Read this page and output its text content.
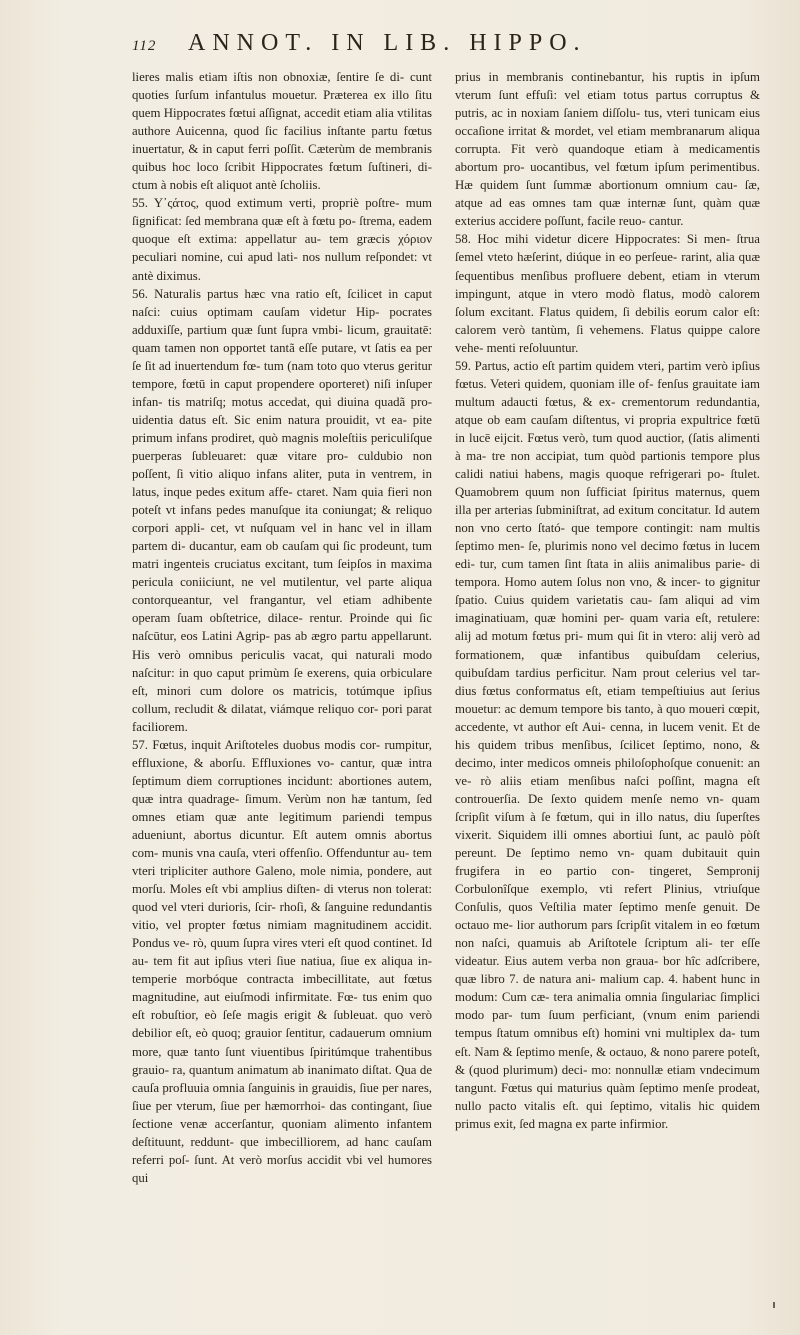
112 ANNOT. IN LIB. HIPPO.

lieres malis etiam iſtis non obnoxiæ, ſentire ſe di- cunt quoties ſurſum infantulus mouetur. Præterea ex illo ſitu quem Hippocrates fœtui aſſignat, accedit etiam alia vtilitas authore Auicenna, quod ſic facilius inſtante partu fœtus inuertatur, & in caput ferri poſſit. Cæterùm de membranis quibus hoc loco ſcribit Hippocrates fœtum ſuſtineri, di- ctum à nobis eſt aliquot antè ſcholiis.

55. Υ᾽ςάτος, quod extimum verti, propriè poſtre- mum ſignificat: ſed membrana quæ eſt à fœtu po- ſtrema, eadem quoque eſt extima: appellatur au- tem græcis χόριον peculiari nomine, cui apud lati- nos nullum reſpondet: vt antè diximus.

56. Naturalis partus hæc vna ratio eſt, ſcilicet in caput naſci: cuius optimam cauſam videtur Hip- pocrates adduxiſſe, partium quæ ſunt ſupra vmbi- licum, grauitatē: quam tamen non opportet tantã eſſe putare, vt ſatis ea per ſe ſit ad inuertendum fœ- tum (nam toto quo vterus geritur tempore, fœtū in caput propendere oporteret) niſi inſuper infan- tis matriſq; motus accedat, qui diuina quadã pro- uidentia datus eſt. Sic enim natura prouidit, vt ea- pite primum infans prodiret, quò magnis moleſtiis periculiſque puerperas ſubleuaret: quæ vitare pro- culdubio non poſſent, ſi vitio aliquo infans aliter, puta in ventrem, in latus, inque pedes exitum affe- ctaret. Nam quia fieri non poteſt vt infans pedes manuſque ita coniungat; & reliquo corpori appli- cet, vt nuſquam vel in hanc vel in illam partem di- ducantur, eam ob cauſam qui ſic prodeunt, tum matri ingenteis cruciatus excitant, tum ſeipſos in maxima pericula coniiciunt, ne vel mutilentur, vel parte aliqua contorqueantur, vel frangantur, vel etiam adhibente operam ſuam obſtetrice, dilace- rentur. Proinde qui ſic naſcūtur, eos Latini Agrip- pas ab ægro partu appellarunt. His verò omnibus periculis vacat, qui naturali modo naſcitur: in quo caput primùm ſe exerens, quia orbiculare eſt, minori cum dolore os matricis, totúmque ipſius collum, recludit & dilatat, viámque reliquo cor- pori parat faciliorem.

57. Fœtus, inquit Ariſtoteles duobus modis cor- rumpitur, effluxione, & aborſu. Effluxiones vo- cantur, quæ intra ſeptimum diem corruptiones incidunt: abortiones autem, quæ intra quadrage- ſimum. Verùm non hæ tantum, ſed omnes etiam quæ ante legitimum pariendi tempus adueniunt, abortus dicuntur. Eſt autem omnis abortus com- munis vna cauſa, vteri offenſio. Offenduntur au- tem vteri tripliciter authore Galeno, mole nimia, pondere, aut morſu. Moles eſt vbi amplius diſten- di vterus non tolerat: quod vel vteri durioris, ſcir- rhoſi, & ſanguine redundantis vitio, vel propter fœtus nimiam magnitudinem accidit. Pondus ve- rò, quum ſupra vires vteri eſt quod continet. Id au- tem fit aut ipſius vteri ſiue natiua, ſiue ex aliqua in- temperie morbóque contracta imbecillitate, aut fœtus magnitudine, aut eiuſmodi infirmitate. Fœ- tus enim quo eſt robuſtior, eò ſeſe magis erigit & ſubleuat. quo verò debilior eſt, eò quoq; grauior ſentitur, cadauerum omnium more, quæ tanto ſunt viuentibus ſpiritúmque trahentibus grauio- ra, quantum animatum ab inanimato diſtat. Qua de cauſa profluuia omnia ſanguinis in grauidis, ſiue per nares, ſiue per vterum, ſiue per hæmorrhoi- das contingant, ſiue ſectione venæ accerſantur, quoniam alimento infantem deſtituunt, reddunt- que imbecilliorem, ad hanc cauſam referri poſ- ſunt. At verò morſus accidit vbi vel humores qui

prius in membranis continebantur, his ruptis in ipſum vterum ſunt effuſi: vel etiam totus partus corruptus & putris, ac in noxiam ſaniem diſſolu- tus, vteri tunicam eius occaſione irritat & mordet, vel etiam membranarum aliqua corrupta. Fit verò quandoque etiam à medicamentis abortum pro- uocantibus, vel fœtum ipſum perimentibus. Hæ quidem ſunt ſummæ abortionum omnium cau- ſæ, atque ad eas omnes tam quæ internæ ſunt, quàm quæ exterius accidere poſſunt, facile reuo- cantur.

58. Hoc mihi videtur dicere Hippocrates: Si men- ſtrua ſemel vteto hæſerint, diúque in eo perſeue- rarint, alia quæ ſequentibus menſibus profluere debent, etiam in vterum impingunt, atque in vtero modò flatus, modò calorem ſolum excitant. Flatus quidem, ſi debilis eorum calor eſt: calorem verò tantùm, ſi vehemens. Flatus quippe calore vehe- menti reſoluuntur.

59. Partus, actio eſt partim quidem vteri, partim verò ipſius fœtus. Veteri quidem, quoniam ille of- fenſus grauitate iam multum adaucti fœtus, & ex- crementorum redundantia, atque ob eam cauſam diſtentus, vi propria expultrice fœtū in lucē eijcit. Fœtus verò, tum quod auctior, (ſatis alimenti à ma- tre non accipiat, tum quòd partionis tempore plus calidi natiui habens, magis quoque refrigerari po- ſtulet. Quamobrem quum non ſufficiat ſpiritus maternus, quem illa per arterias ſubminiſtrat, ad exitum concitatur. Id autem non vno certo ſtató- que tempore contingit: nam multis ſeptimo men- ſe, plurimis nono vel decimo fœtus in lucem edi- tur, cum tamen ſint ſtata in aliis animalibus parie- di tempora. Homo autem ſolus non vno, & incer- to gignitur ſpatio. Cuius quidem varietatis cau- ſam aliqui ad vim imaginatiuam, quæ homini per- quam varia eſt, retulere: alij ad motum fœtus pri- mum qui ſit in vtero: alij verò ad formationem, quæ infantibus quibuſdam celerius, quibuſdam tardius perficitur. Nam prout celerius vel tar- dius fœtus conformatus eſt, etiam tempeſtiuius aut ſerius mouetur: ac demum tempore bis tanto, à quo moueri cœpit, accedente, vt author eſt Aui- cenna, in lucem venit. Et de his quidem tribus menſibus, ſcilicet ſeptimo, nono, & decimo, inter medicos omneis philoſophoſque conuenit: an ve- rò aliis etiam menſibus naſci poſſint, magna eſt controuerſia. De ſexto quidem menſe nemo vn- quam ſcripſit viſum à ſe fœtum, qui in illo natus, diu ſuperſtes vixerit. Siquidem illi omnes abortiui ſunt, ac paulò pòſt pereunt. De ſeptimo nemo vn- quam dubitauit quin frugifera in eo partio con- tingeret, Sempronij Corbulonîſque exemplo, vti refert Plinius, vtriuſque Conſulis, quos Veſtilia mater ſeptimo menſe genuit. De octauo me- lior authorum pars ſcripſit vitalem in eo fœtum non naſci, quamuis ab Ariſtotele ſcriptum ali- ter eſſe videatur. Eius autem verba non graua- bor hîc adſcribere, quæ libro 7. de natura ani- malium cap. 4. habent hunc in modum: Cum cæ- tera animalia omnia ſingulariac ſimplici modo par- tum ſuum perficiant, (vnum enim pariendi tempus ſtatum omnibus eſt) homini vni multiplex da- tum eſt. Nam & ſeptimo menſe, & octauo, & nono parere poteſt, & (quod plurimum) deci- mo: nonnullæ etiam vndecimum tangunt. Fœtus qui maturius quàm ſeptimo menſe prodeat, nullo pacto vitalis eſt. qui ſeptimo, vitalis hic quidem primus exit, ſed magna ex parte infirmior.
